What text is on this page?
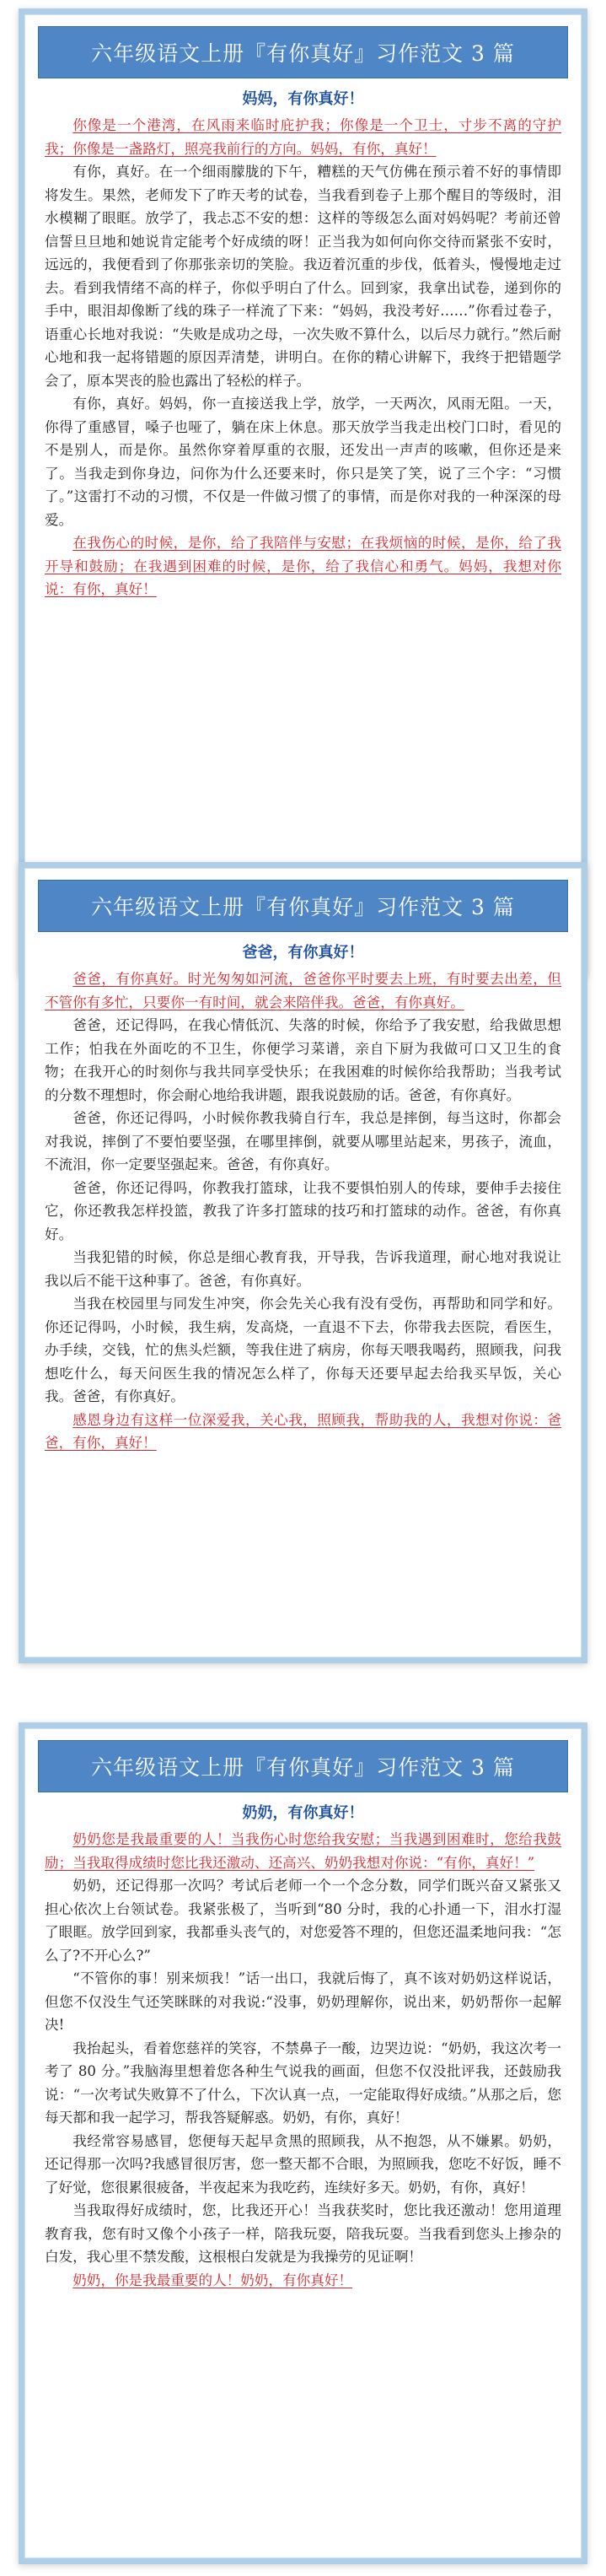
六年级语文上册『有你真好』习作范文 3 篇
妈妈，有你真好！
你像是一个港湾，在风雨来临时庇护我；你像是一个卫士，寸步不离的守护我；你像是一盏路灯，照亮我前行的方向。妈妈，有你，真好！
有你，真好。在一个细雨朦胧的下午，糟糕的天气仿佛在预示着不好的事情即将发生。果然，老师发下了昨天考的试卷，当我看到卷子上那个醒目的等级时，泪水模糊了眼眶。放学了，我忐忑不安的想：这样的等级怎么面对妈妈呢？考前还曾信誓旦旦地和她说肯定能考个好成绩的呀！正当我为如何向你交待而紧张不安时，远远的，我便看到了你那张亲切的笑脸。我迈着沉重的步伐，低着头，慢慢地走过去。看到我情绪不高的样子，你似乎明白了什么。回到家，我拿出试卷，递到你的手中，眼泪却像断了线的珠子一样流了下来：“妈妈，我没考好……”你看过卷子，语重心长地对我说：“失败是成功之母，一次失败不算什么，以后尽力就行。”然后耐心地和我一起将错题的原因弄清楚，讲明白。在你的精心讲解下，我终于把错题学会了，原本哭丧的脸也露出了轻松的样子。
有你，真好。妈妈，你一直接送我上学，放学，一天两次，风雨无阻。一天，你得了重感冒，嗓子也哑了，躺在床上休息。那天放学当我走出校门口时，看见的不是别人，而是你。虽然你穿着厚重的衣服，还发出一声声的咳嗽，但你还是来了。当我走到你身边，问你为什么还要来时，你只是笑了笑，说了三个字：“习惯了。”这雷打不动的习惯，不仅是一件做习惯了的事情，而是你对我的一种深深的母爱。
在我伤心的时候，是你，给了我陪伴与安慰；在我烦恼的时候，是你，给了我开导和鼓励；在我遇到困难的时候，是你，给了我信心和勇气。妈妈，我想对你说：有你，真好！
六年级语文上册『有你真好』习作范文 3 篇
爸爸，有你真好！
爸爸，有你真好。时光匆匆如河流，爸爸你平时要去上班，有时要去出差，但不管你有多忙，只要你一有时间，就会来陪伴我。爸爸，有你真好。
爸爸，还记得吗，在我心情低沉、失落的时候，你给予了我安慰，给我做思想工作；怕我在外面吃的不卫生，你便学习菜谱，亲自下厨为我做可口又卫生的食物；在我开心的时刻你与我共同享受快乐；在我困难的时候你给我帮助；当我考试的分数不理想时，你会耐心地给我讲题，跟我说鼓励的话。爸爸，有你真好。
爸爸，你还记得吗，小时候你教我骑自行车，我总是摔倒，每当这时，你都会对我说，摔倒了不要怕要坚强，在哪里摔倒，就要从哪里站起来，男孩子，流血，不流泪，你一定要坚强起来。爸爸，有你真好。
爸爸，你还记得吗，你教我打篮球，让我不要惧怕别人的传球，要伸手去接住它，你还教我怎样投篮，教我了许多打篮球的技巧和打篮球的动作。爸爸，有你真好。
当我犯错的时候，你总是细心教育我，开导我，告诉我道理，耐心地对我说让我以后不能干这种事了。爸爸，有你真好。
当我在校园里与同发生冲突，你会先关心我有没有受伤，再帮助和同学和好。你还记得吗，小时候，我生病，发高烧，一直退不下去，你带我去医院，看医生，办手续，交钱，忙的焦头烂额，等我住进了病房，你每天喂我喝药，照顾我，问我想吃什么，每天问医生我的情况怎么样了，你每天还要早起去给我买早饭，关心我。爸爸，有你真好。
感恩身边有这样一位深爱我，关心我，照顾我，帮助我的人，我想对你说：爸爸，有你，真好！
六年级语文上册『有你真好』习作范文 3 篇
奶奶，有你真好！
奶奶您是我最重要的人！当我伤心时您给我安慰；当我遇到困难时，您给我鼓励；当我取得成绩时您比我还激动、还高兴、奶奶我想对你说：“有你，真好！”
奶奶，还记得那一次吗？考试后老师一个一个念分数，同学们既兴奋又紧张又担心依次上台领试卷。我紧张极了，当听到“80 分时，我的心扑通一下，泪水打湿了眼眶。放学回到家，我都垂头丧气的，对您爱答不理的，但您还温柔地问我：“怎么了?不开心么?”
“不管你的事！别来烦我！”话一出口，我就后悔了，真不该对奶奶这样说话，但您不仅没生气还笑眯眯的对我说:“没事，奶奶理解你，说出来，奶奶帮你一起解决!
我抬起头，看着您慈祥的笑容，不禁鼻子一酸，边哭边说：“奶奶，我这次考一考了 80 分。”我脑海里想着您各种生气说我的画面，但您不仅没批评我，还鼓励我说：“一次考试失败算不了什么，下次认真一点，一定能取得好成绩。”从那之后，您每天都和我一起学习，帮我答疑解惑。奶奶，有你，真好！
我经常容易感冒，您便每天起早贪黑的照顾我，从不抱怨，从不嫌累。奶奶，还记得那一次吗?我感冒很厉害，您一整天都不合眼，为照顾我，您吃不好饭，睡不了好觉，您很累很疲备，半夜起来为我吃药，连续好多天。奶奶，有你，真好！
当我取得好成绩时，您，比我还开心！当我获奖时，您比我还激动！您用道理教育我，您有时又像个小孩子一样，陪我玩耍，陪我玩耍。当我看到您头上掺杂的白发，我心里不禁发酸，这根根白发就是为我操劳的见证啊！
奶奶，你是我最重要的人！奶奶，有你真好！
